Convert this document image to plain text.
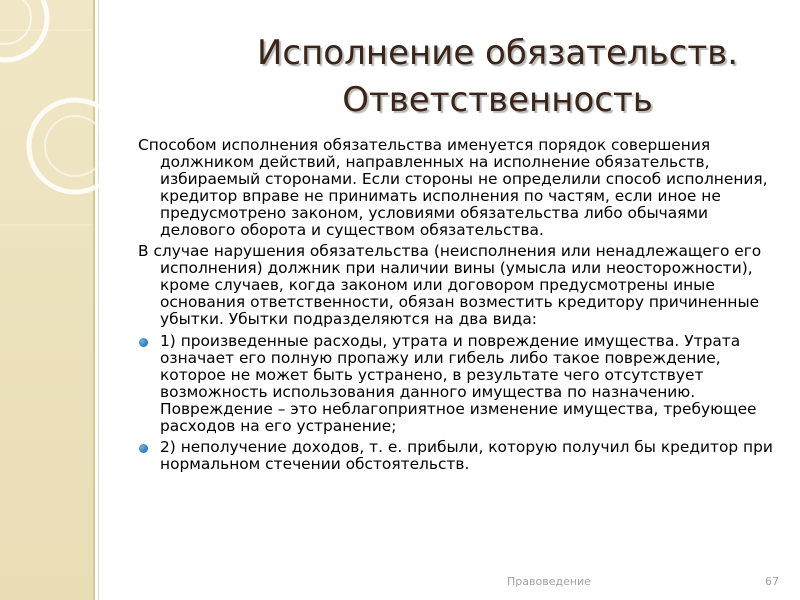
Исполнение обязательств. Ответственность

Способом исполнения обязательства именуется порядок совершения должником действий, направленных на исполнение обязательств, избираемый сторонами. Если стороны не определили способ исполнения, кредитор вправе не принимать исполнения по частям, если иное не предусмотрено законом, условиями обязательства либо обычаями делового оборота и существом обязательства.

В случае нарушения обязательства (неисполнения или ненадлежащего его исполнения) должник при наличии вины (умысла или неосторожности), кроме случаев, когда законом или договором предусмотрены иные основания ответственности, обязан возместить кредитору причиненные убытки. Убытки подразделяются на два вида:

1) произведенные расходы, утрата и повреждение имущества. Утрата означает его полную пропажу или гибель либо такое повреждение, которое не может быть устранено, в результате чего отсутствует возможность использования данного имущества по назначению. Повреждение – это неблагоприятное изменение имущества, требующее расходов на его устранение;
2) неполучение доходов, т. е. прибыли, которую получил бы кредитор при нормальном стечении обстоятельств.
Правоведение	67
